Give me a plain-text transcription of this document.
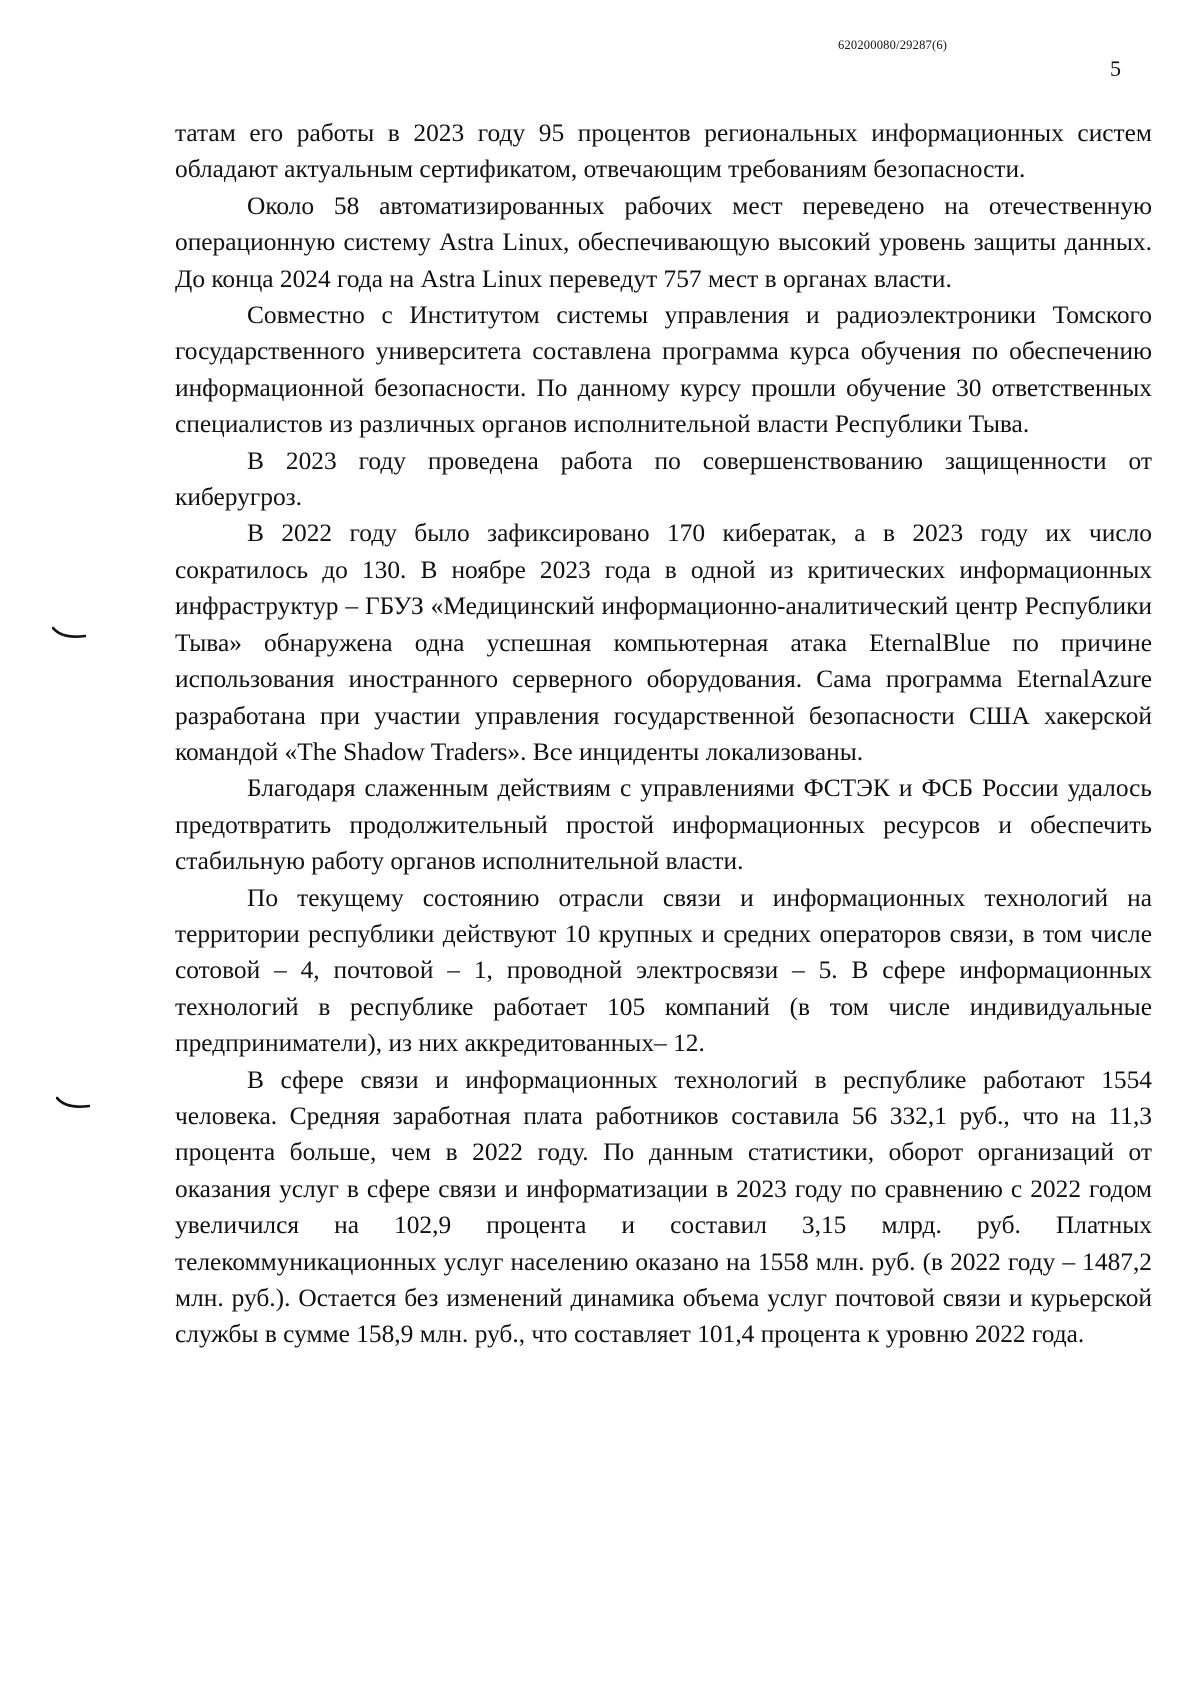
620200080/29287(6)
5

татам его работы в 2023 году 95 процентов региональных информационных систем обладают актуальным сертификатом, отвечающим требованиям безопасности.

Около 58 автоматизированных рабочих мест переведено на отечественную операционную систему Astra Linux, обеспечивающую высокий уровень защиты данных. До конца 2024 года на Astra Linux переведут 757 мест в органах власти.

Совместно с Институтом системы управления и радиоэлектроники Томского государственного университета составлена программа курса обучения по обеспечению информационной безопасности. По данному курсу прошли обучение 30 ответственных специалистов из различных органов исполнительной власти Республики Тыва.

В 2023 году проведена работа по совершенствованию защищенности от киберугроз.

В 2022 году было зафиксировано 170 кибератак, а в 2023 году их число сократилось до 130. В ноябре 2023 года в одной из критических информационных инфраструктур – ГБУЗ «Медицинский информационно-аналитический центр Республики Тыва» обнаружена одна успешная компьютерная атака EternalBlue по причине использования иностранного серверного оборудования. Сама программа EternalAzure разработана при участии управления государственной безопасности США хакерской командой «The Shadow Traders». Все инциденты локализованы.

Благодаря слаженным действиям с управлениями ФСТЭК и ФСБ России удалось предотвратить продолжительный простой информационных ресурсов и обеспечить стабильную работу органов исполнительной власти.

По текущему состоянию отрасли связи и информационных технологий на территории республики действуют 10 крупных и средних операторов связи, в том числе сотовой – 4, почтовой – 1, проводной электросвязи – 5. В сфере информационных технологий в республике работает 105 компаний (в том числе индивидуальные предприниматели), из них аккредитованных– 12.

В сфере связи и информационных технологий в республике работают 1554 человека. Средняя заработная плата работников составила 56 332,1 руб., что на 11,3 процента больше, чем в 2022 году. По данным статистики, оборот организаций от оказания услуг в сфере связи и информатизации в 2023 году по сравнению с 2022 годом увеличился на 102,9 процента и составил 3,15 млрд. руб. Платных телекоммуникационных услуг населению оказано на 1558 млн. руб. (в 2022 году – 1487,2 млн. руб.). Остается без изменений динамика объема услуг почтовой связи и курьерской службы в сумме 158,9 млн. руб., что составляет 101,4 процента к уровню 2022 года.
